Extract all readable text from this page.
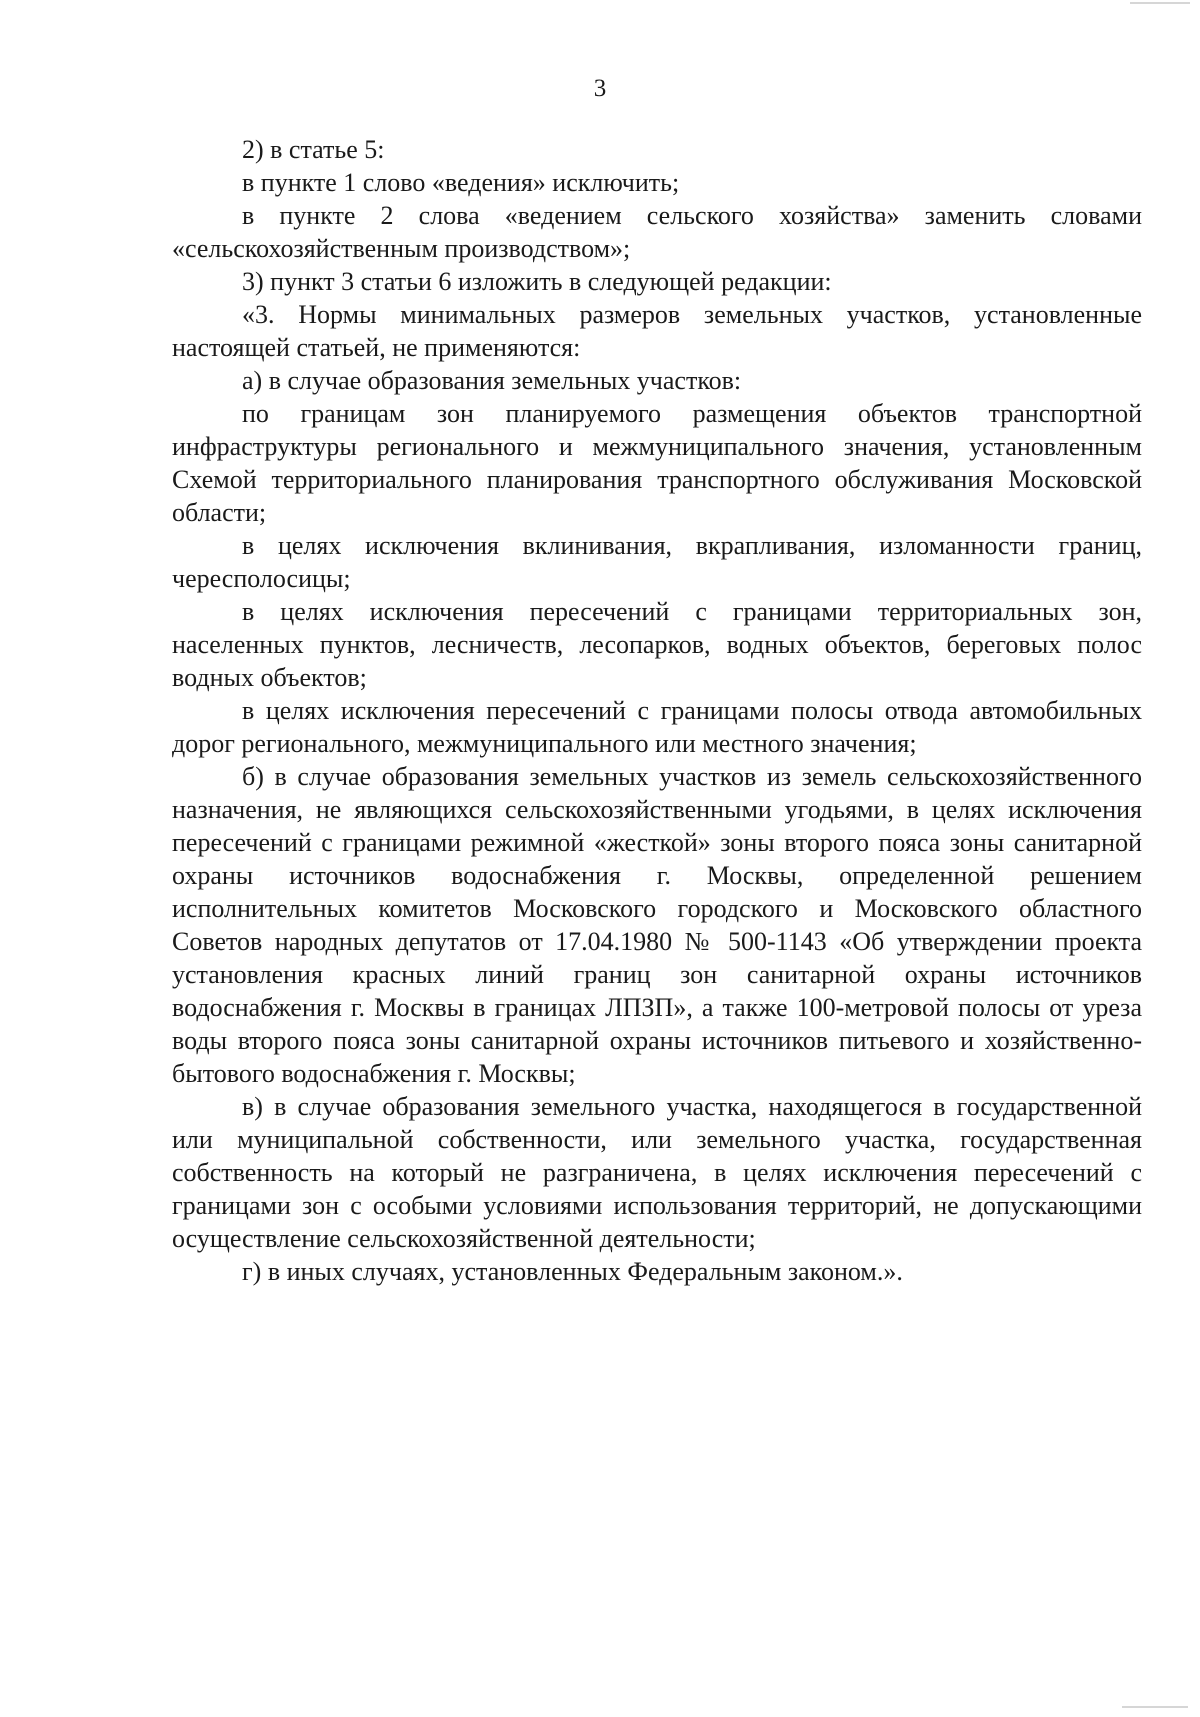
3

2) в статье 5:

в пункте 1 слово «ведения» исключить;

в пункте 2 слова «ведением сельского хозяйства» заменить словами «сельскохозяйственным производством»;

3) пункт 3 статьи 6 изложить в следующей редакции:

«3. Нормы минимальных размеров земельных участков, установленные настоящей статьей, не применяются:

а) в случае образования земельных участков:

по границам зон планируемого размещения объектов транспортной инфраструктуры регионального и межмуниципального значения, установленным Схемой территориального планирования транспортного обслуживания Московской области;

в целях исключения вклинивания, вкрапливания, изломанности границ, чересполосицы;

в целях исключения пересечений с границами территориальных зон, населенных пунктов, лесничеств, лесопарков, водных объектов, береговых полос водных объектов;

в целях исключения пересечений с границами полосы отвода автомобильных дорог регионального, межмуниципального или местного значения;

б) в случае образования земельных участков из земель сельскохозяйственного назначения, не являющихся сельскохозяйственными угодьями, в целях исключения пересечений с границами режимной «жесткой» зоны второго пояса зоны санитарной охраны источников водоснабжения г. Москвы, определенной решением исполнительных комитетов Московского городского и Московского областного Советов народных депутатов от 17.04.1980 № 500-1143 «Об утверждении проекта установления красных линий границ зон санитарной охраны источников водоснабжения г. Москвы в границах ЛПЗП», а также 100-метровой полосы от уреза воды второго пояса зоны санитарной охраны источников питьевого и хозяйственно-бытового водоснабжения г. Москвы;

в) в случае образования земельного участка, находящегося в государственной или муниципальной собственности, или земельного участка, государственная собственность на который не разграничена, в целях исключения пересечений с границами зон с особыми условиями использования территорий, не допускающими осуществление сельскохозяйственной деятельности;

г) в иных случаях, установленных Федеральным законом.».
